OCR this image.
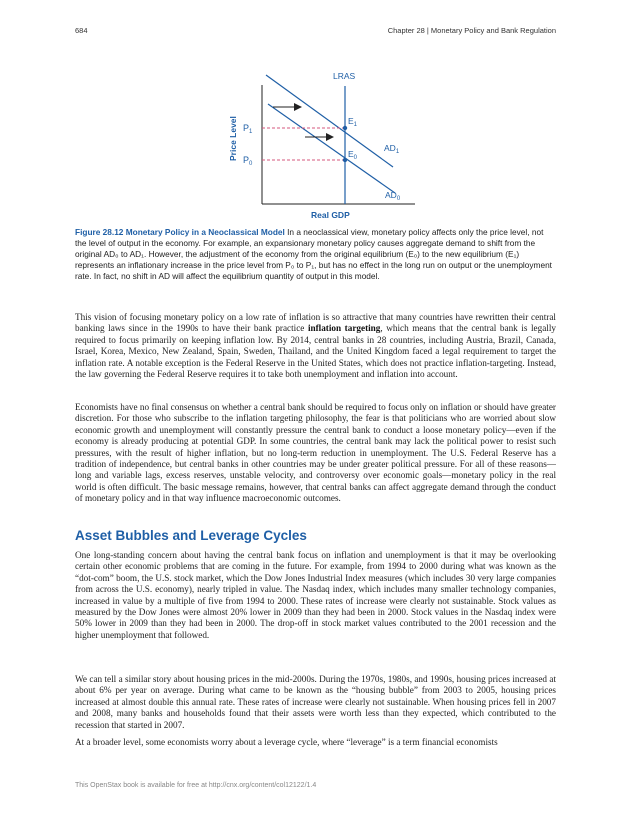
684	Chapter 28 | Monetary Policy and Bank Regulation
LRAS
Price Level
Real GDP
$P_1$
$P_0$
$E_1$
$E_0$
$AD_1$
$AD_0$
Figure 28.12 Monetary Policy in a Neoclassical Model In a neoclassical view, monetary policy affects only the price level, not the level of output in the economy. For example, an expansionary monetary policy causes aggregate demand to shift from the original AD₀ to AD₁. However, the adjustment of the economy from the original equilibrium (E₀) to the new equilibrium (E₁) represents an inflationary increase in the price level from P₀ to P₁, but has no effect in the long run on output or the unemployment rate. In fact, no shift in AD will affect the equilibrium quantity of output in this model.

This vision of focusing monetary policy on a low rate of inflation is so attractive that many countries have rewritten their central banking laws since in the 1990s to have their bank practice inflation targeting, which means that the central bank is legally required to focus primarily on keeping inflation low. By 2014, central banks in 28 countries, including Austria, Brazil, Canada, Israel, Korea, Mexico, New Zealand, Spain, Sweden, Thailand, and the United Kingdom faced a legal requirement to target the inflation rate. A notable exception is the Federal Reserve in the United States, which does not practice inflation-targeting. Instead, the law governing the Federal Reserve requires it to take both unemployment and inflation into account.

Economists have no final consensus on whether a central bank should be required to focus only on inflation or should have greater discretion. For those who subscribe to the inflation targeting philosophy, the fear is that politicians who are worried about slow economic growth and unemployment will constantly pressure the central bank to conduct a loose monetary policy—even if the economy is already producing at potential GDP. In some countries, the central bank may lack the political power to resist such pressures, with the result of higher inflation, but no long-term reduction in unemployment. The U.S. Federal Reserve has a tradition of independence, but central banks in other countries may be under greater political pressure. For all of these reasons—long and variable lags, excess reserves, unstable velocity, and controversy over economic goals—monetary policy in the real world is often difficult. The basic message remains, however, that central banks can affect aggregate demand through the conduct of monetary policy and in that way influence macroeconomic outcomes.

Asset Bubbles and Leverage Cycles

One long-standing concern about having the central bank focus on inflation and unemployment is that it may be overlooking certain other economic problems that are coming in the future. For example, from 1994 to 2000 during what was known as the “dot-com” boom, the U.S. stock market, which the Dow Jones Industrial Index measures (which includes 30 very large companies from across the U.S. economy), nearly tripled in value. The Nasdaq index, which includes many smaller technology companies, increased in value by a multiple of five from 1994 to 2000. These rates of increase were clearly not sustainable. Stock values as measured by the Dow Jones were almost 20% lower in 2009 than they had been in 2000. Stock values in the Nasdaq index were 50% lower in 2009 than they had been in 2000. The drop-off in stock market values contributed to the 2001 recession and the higher unemployment that followed.

We can tell a similar story about housing prices in the mid-2000s. During the 1970s, 1980s, and 1990s, housing prices increased at about 6% per year on average. During what came to be known as the “housing bubble” from 2003 to 2005, housing prices increased at almost double this annual rate. These rates of increase were clearly not sustainable. When housing prices fell in 2007 and 2008, many banks and households found that their assets were worth less than they expected, which contributed to the recession that started in 2007.

At a broader level, some economists worry about a leverage cycle, where “leverage” is a term financial economists

This OpenStax book is available for free at http://cnx.org/content/col12122/1.4
